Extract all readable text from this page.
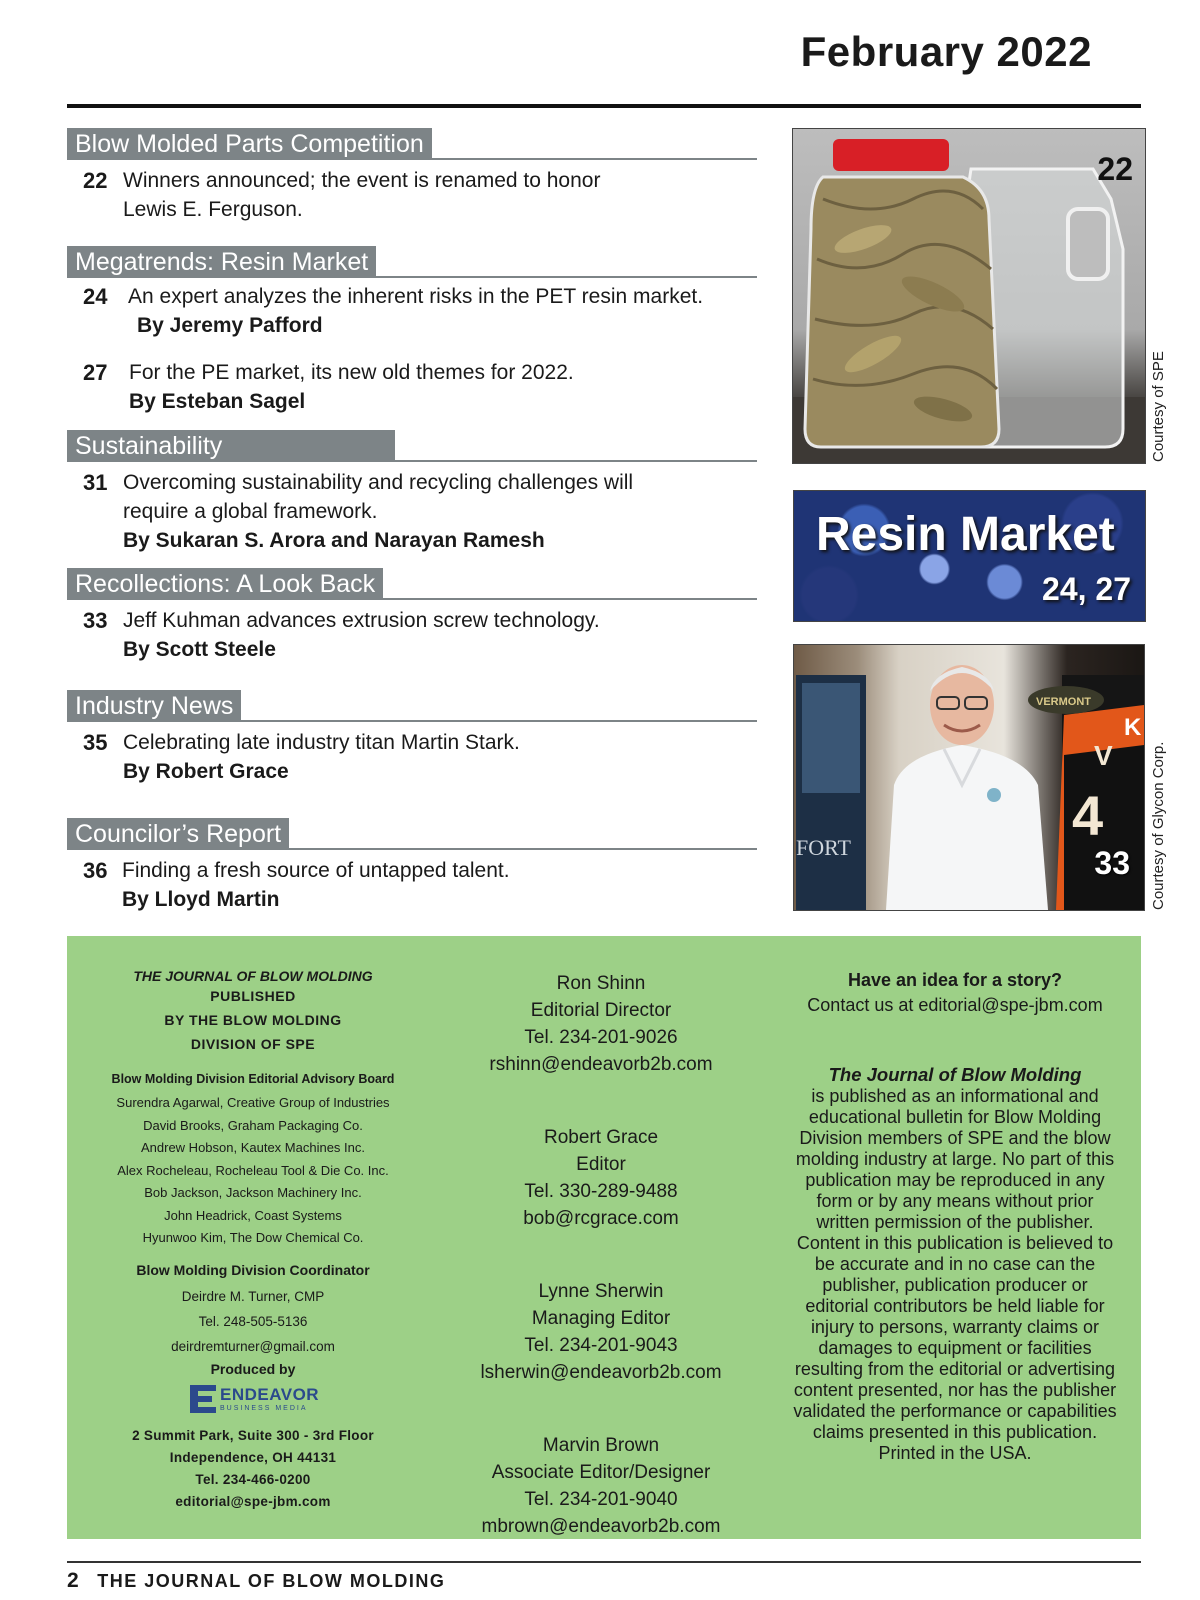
February 2022
Blow Molded Parts Competition
22 Winners announced; the event is renamed to honor
Lewis E. Ferguson.
Megatrends: Resin Market
24 An expert analyzes the inherent risks in the PET resin market.
By Jeremy Pafford
27 For the PE market, its new old themes for 2022.
By Esteban Sagel
Sustainability
31 Overcoming sustainability and recycling challenges will
require a global framework.
By Sukaran S. Arora and Narayan Ramesh
Recollections: A Look Back
33 Jeff Kuhman advances extrusion screw technology.
By Scott Steele
Industry News
35 Celebrating late industry titan Martin Stark.
By Robert Grace
Councilor’s Report
36 Finding a fresh source of untapped talent.
By Lloyd Martin
22
Courtesy of SPE
Resin Market
24, 27
FORT
V
4
K
VERMONT
33 Courtesy of Glycon Corp.
THE JOURNAL OF BLOW MOLDING
PUBLISHED
BY THE BLOW MOLDING
DIVISION OF SPE
Blow Molding Division Editorial Advisory Board
Surendra Agarwal, Creative Group of Industries
David Brooks, Graham Packaging Co.
Andrew Hobson, Kautex Machines Inc.
Alex Rocheleau, Rocheleau Tool & Die Co. Inc.
Bob Jackson, Jackson Machinery Inc.
John Headrick, Coast Systems
Hyunwoo Kim, The Dow Chemical Co.
Blow Molding Division Coordinator
Deirdre M. Turner, CMP
Tel. 248-505-5136
deirdremturner@gmail.com
Produced by
ENDEAVOR
BUSINESS MEDIA
2 Summit Park, Suite 300 - 3rd Floor
Independence, OH 44131
Tel. 234-466-0200
editorial@spe-jbm.com
Ron Shinn
Editorial Director
Tel. 234-201-9026
rshinn@endeavorb2b.com
Robert Grace
Editor
Tel. 330-289-9488
bob@rcgrace.com
Lynne Sherwin
Managing Editor
Tel. 234-201-9043
lsherwin@endeavorb2b.com
Marvin Brown
Associate Editor/Designer
Tel. 234-201-9040
mbrown@endeavorb2b.com
Have an idea for a story?
Contact us at editorial@spe-jbm.com
The Journal of Blow Molding
is published as an informational and educational bulletin for Blow Molding Division members of SPE and the blow molding industry at large. No part of this publication may be reproduced in any form or by any means without prior written permission of the publisher. Content in this publication is believed to be accurate and in no case can the publisher, publication producer or editorial contributors be held liable for injury to persons, warranty claims or damages to equipment or facilities resulting from the editorial or advertising content presented, nor has the publisher validated the performance or capabilities claims presented in this publication. Printed in the USA.
2 THE JOURNAL OF BLOW MOLDING
